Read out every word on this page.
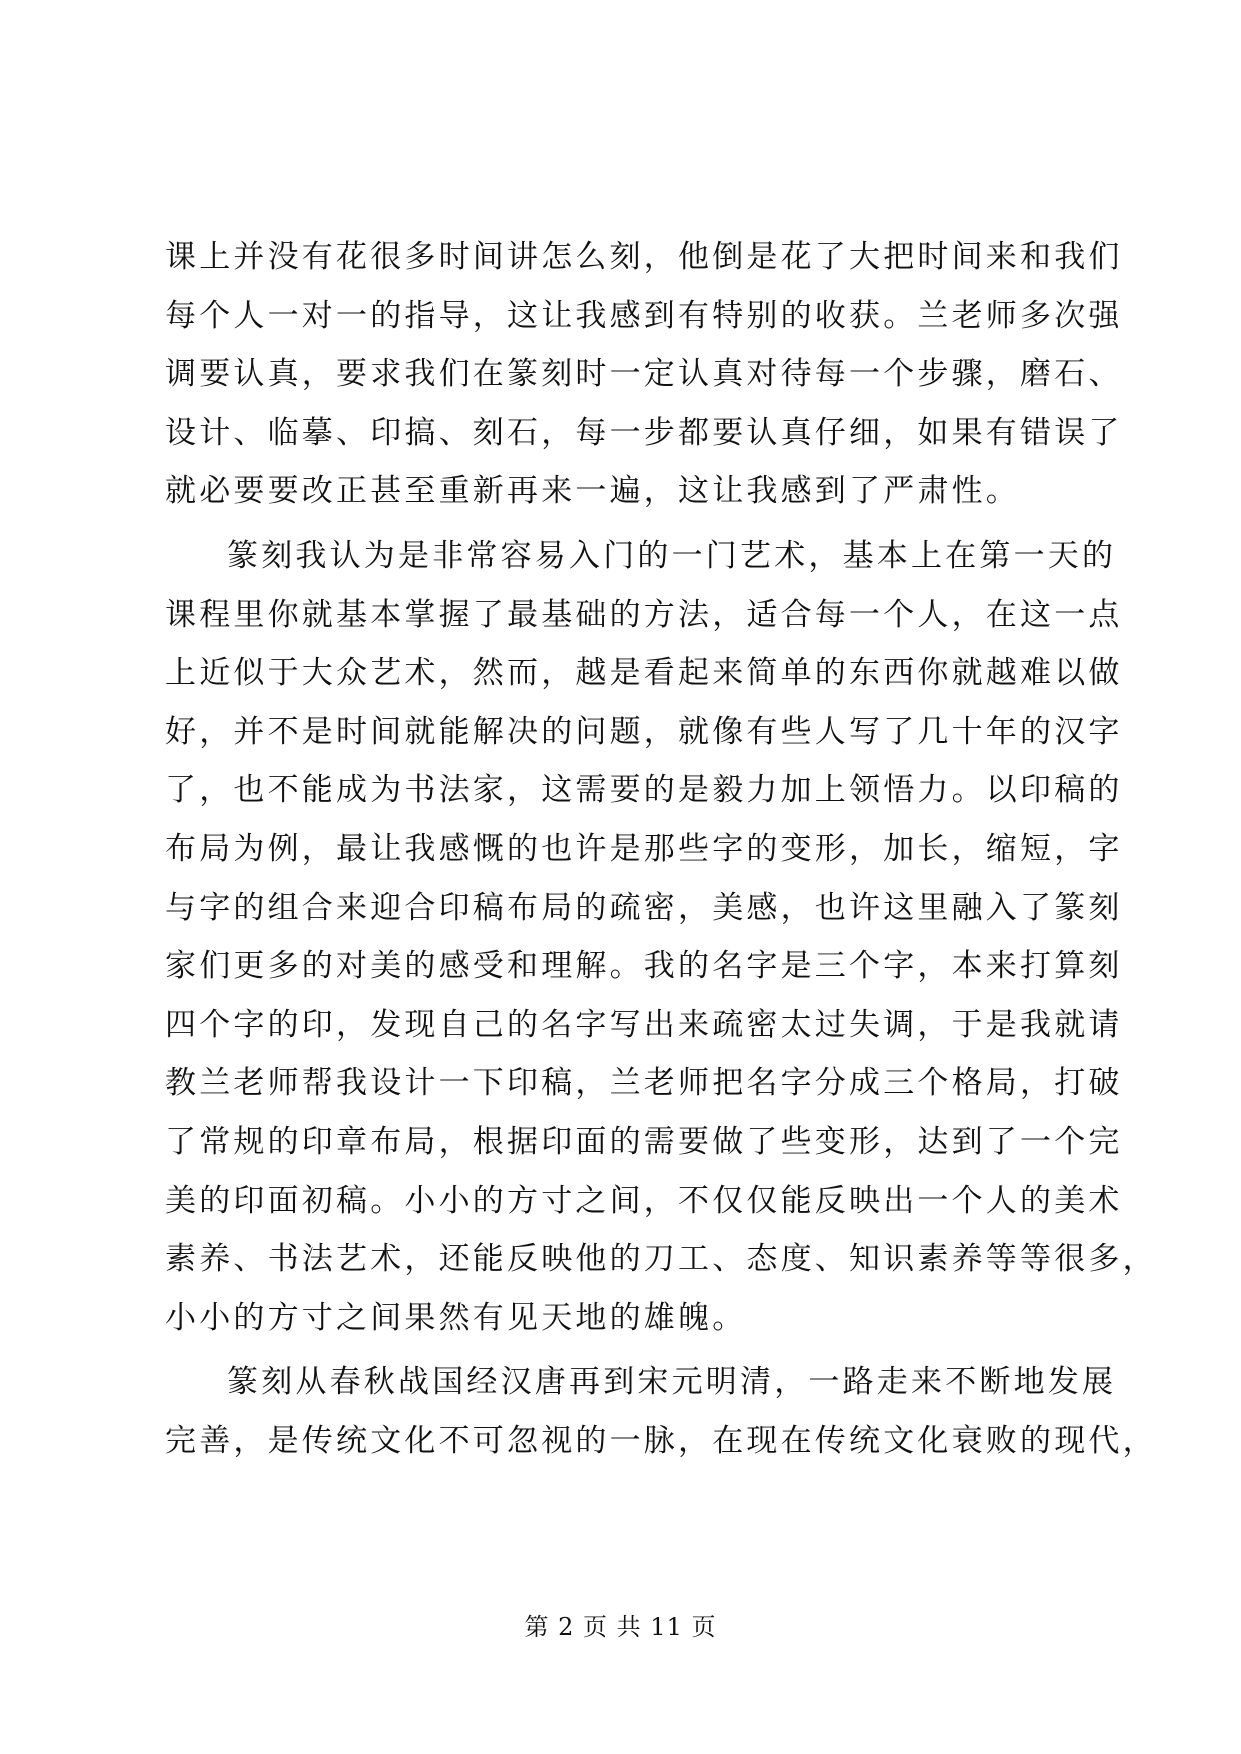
课上并没有花很多时间讲怎么刻，他倒是花了大把时间来和我们
每个人一对一的指导，这让我感到有特别的收获。兰老师多次强
调要认真，要求我们在篆刻时一定认真对待每一个步骤，磨石、
设计、临摹、印搞、刻石，每一步都要认真仔细，如果有错误了
就必要要改正甚至重新再来一遍，这让我感到了严肃性。
篆刻我认为是非常容易入门的一门艺术，基本上在第一天的
课程里你就基本掌握了最基础的方法，适合每一个人，在这一点
上近似于大众艺术，然而，越是看起来简单的东西你就越难以做
好，并不是时间就能解决的问题，就像有些人写了几十年的汉字
了，也不能成为书法家，这需要的是毅力加上领悟力。以印稿的
布局为例，最让我感慨的也许是那些字的变形，加长，缩短，字
与字的组合来迎合印稿布局的疏密，美感，也许这里融入了篆刻
家们更多的对美的感受和理解。我的名字是三个字，本来打算刻
四个字的印，发现自己的名字写出来疏密太过失调，于是我就请
教兰老师帮我设计一下印稿，兰老师把名字分成三个格局，打破
了常规的印章布局，根据印面的需要做了些变形，达到了一个完
美的印面初稿。小小的方寸之间，不仅仅能反映出一个人的美术
素养、书法艺术，还能反映他的刀工、态度、知识素养等等很多，
小小的方寸之间果然有见天地的雄魄。
篆刻从春秋战国经汉唐再到宋元明清，一路走来不断地发展
完善，是传统文化不可忽视的一脉，在现在传统文化衰败的现代，
第 2 页 共 11 页
